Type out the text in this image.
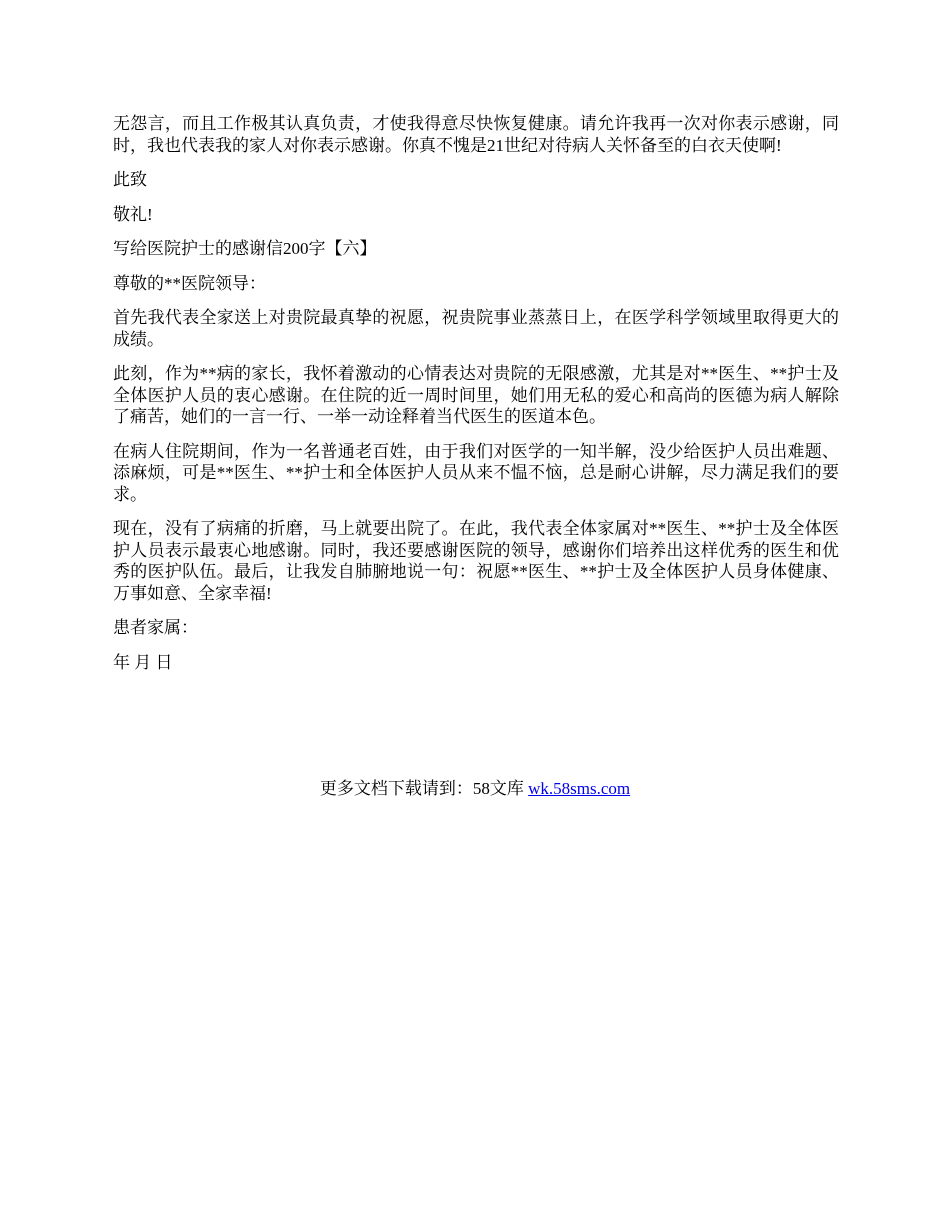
无怨言，而且工作极其认真负责，才使我得意尽快恢复健康。请允许我再一次对你表示感谢，同时，我也代表我的家人对你表示感谢。你真不愧是21世纪对待病人关怀备至的白衣天使啊!

此致

敬礼!

写给医院护士的感谢信200字【六】

尊敬的**医院领导：

首先我代表全家送上对贵院最真挚的祝愿，祝贵院事业蒸蒸日上，在医学科学领域里取得更大的成绩。

此刻，作为**病的家长，我怀着激动的心情表达对贵院的无限感激，尤其是对**医生、**护士及全体医护人员的衷心感谢。在住院的近一周时间里，她们用无私的爱心和高尚的医德为病人解除了痛苦，她们的一言一行、一举一动诠释着当代医生的医道本色。

在病人住院期间，作为一名普通老百姓，由于我们对医学的一知半解，没少给医护人员出难题、添麻烦，可是**医生、**护士和全体医护人员从来不愠不恼，总是耐心讲解，尽力满足我们的要求。

现在，没有了病痛的折磨，马上就要出院了。在此，我代表全体家属对**医生、**护士及全体医护人员表示最衷心地感谢。同时，我还要感谢医院的领导，感谢你们培养出这样优秀的医生和优秀的医护队伍。最后，让我发自肺腑地说一句：祝愿**医生、**护士及全体医护人员身体健康、万事如意、全家幸福!

患者家属：

年 月 日

更多文档下载请到：58文库 wk.58sms.com
